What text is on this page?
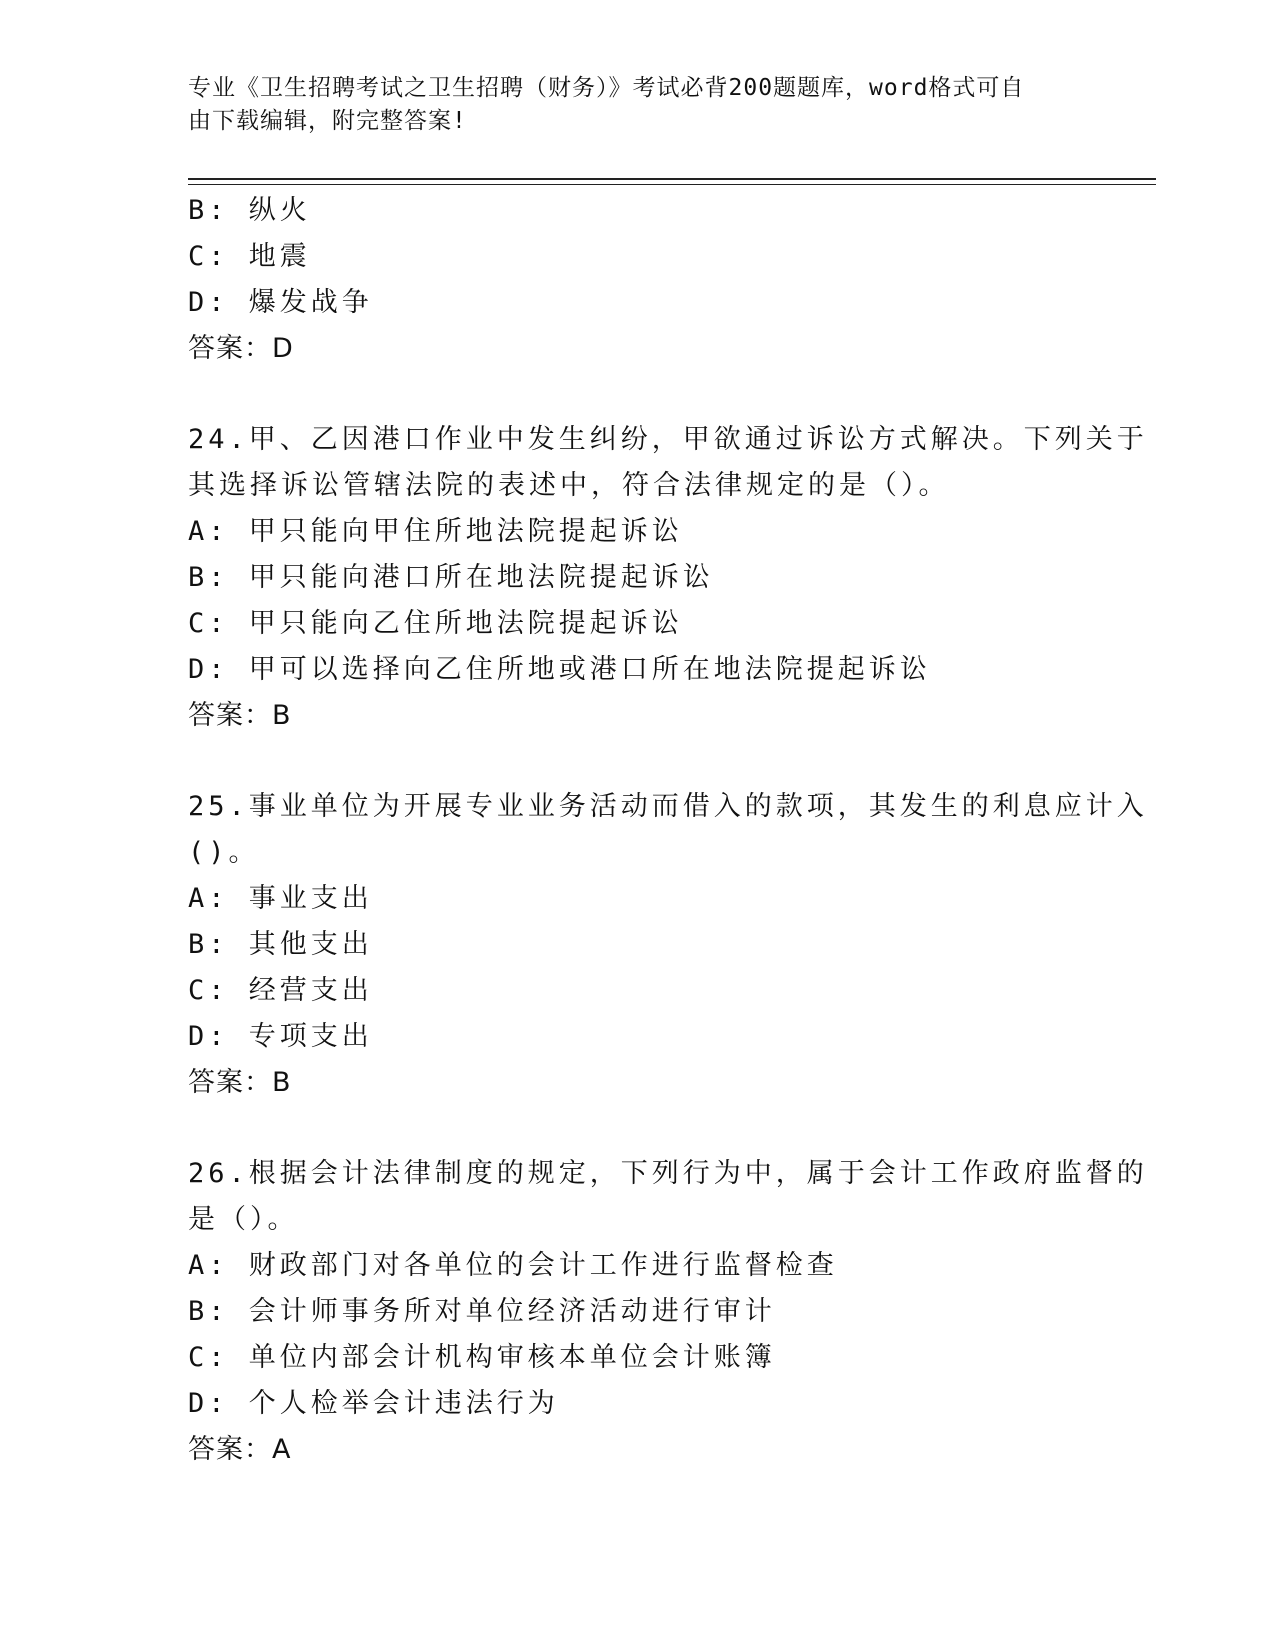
专业《卫生招聘考试之卫生招聘（财务）》考试必背200题题库，word格式可自
由下载编辑，附完整答案!
B: 纵火
C: 地震
D: 爆发战争
答案：D
24.甲、乙因港口作业中发生纠纷，甲欲通过诉讼方式解决。下列关于
其选择诉讼管辖法院的表述中，符合法律规定的是（）。
A: 甲只能向甲住所地法院提起诉讼
B: 甲只能向港口所在地法院提起诉讼
C: 甲只能向乙住所地法院提起诉讼
D: 甲可以选择向乙住所地或港口所在地法院提起诉讼
答案：B
25.事业单位为开展专业业务活动而借入的款项，其发生的利息应计入
()。
A: 事业支出
B: 其他支出
C: 经营支出
D: 专项支出
答案：B
26.根据会计法律制度的规定，下列行为中，属于会计工作政府监督的
是（）。
A: 财政部门对各单位的会计工作进行监督检查
B: 会计师事务所对单位经济活动进行审计
C: 单位内部会计机构审核本单位会计账簿
D: 个人检举会计违法行为
答案：A
